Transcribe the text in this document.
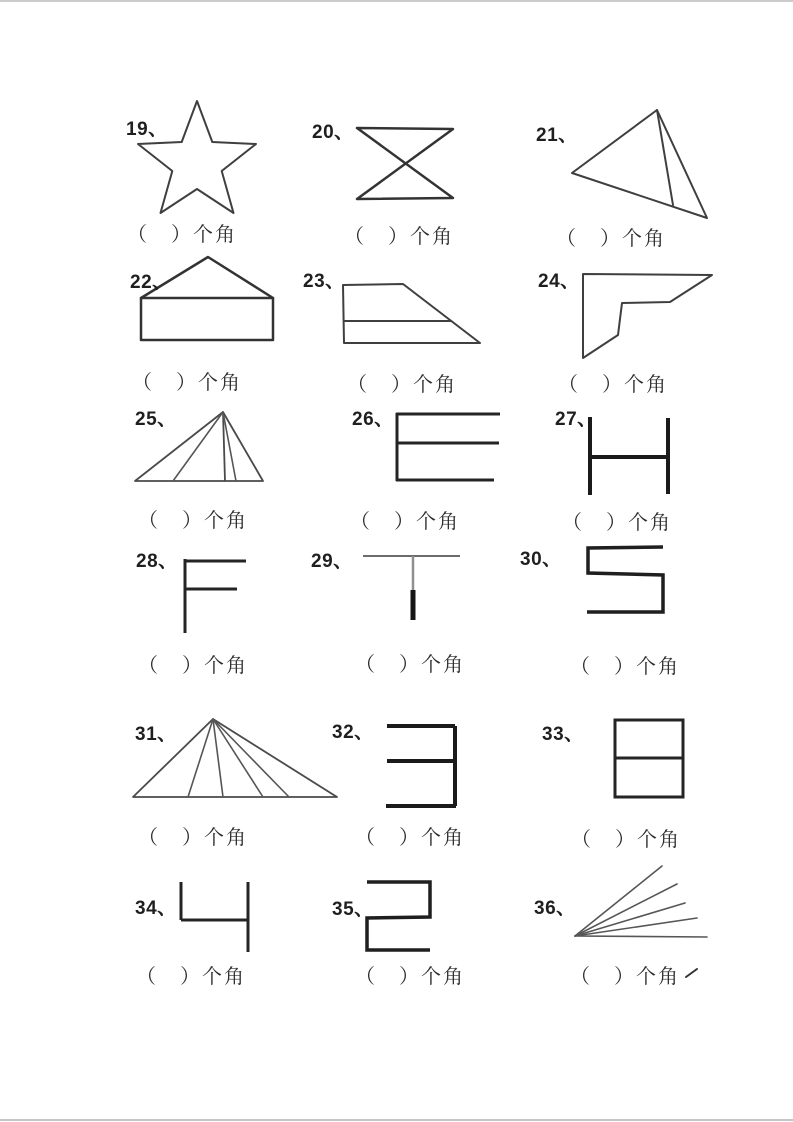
19、	20、	21、
22、	23、	24、
25、	26、	27、
28、	29、	30、
31、	32、	33、
34、	35、	36、
（　）个角	（　）个角	（　）个角
（　）个角	（　）个角	（　）个角
（　）个角	（　）个角	（　）个角
（　）个角	（　）个角	（　）个角
（　）个角	（　）个角	（　）个角
（　）个角	（　）个角	（　）个角
